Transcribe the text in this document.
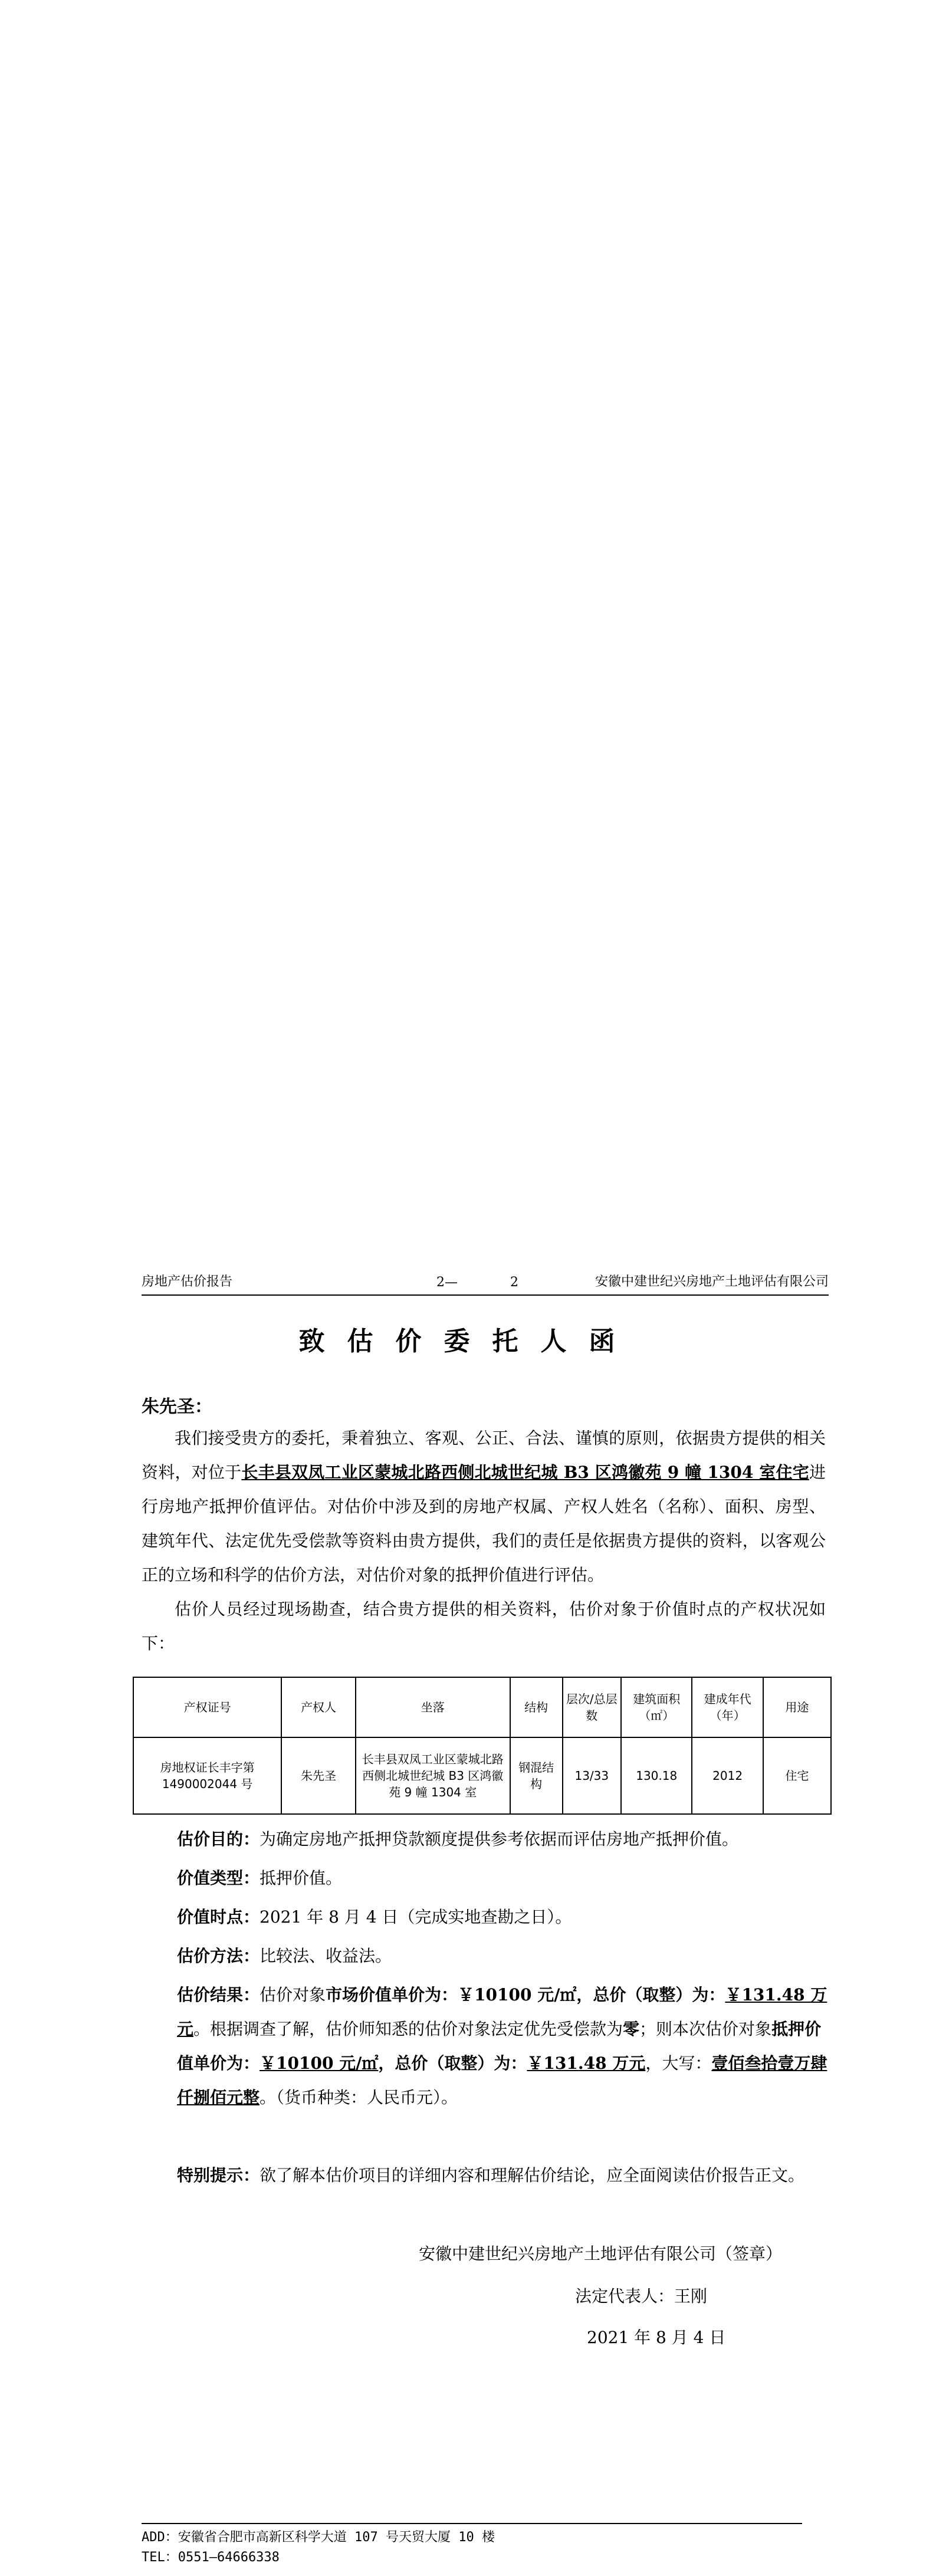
房地产估价报告	2—	2	安徽中建世纪兴房地产土地评估有限公司
致估价委托人函
朱先圣：
我们接受贵方的委托，秉着独立、客观、公正、合法、谨慎的原则，依据贵方提供的相关资料，对位于长丰县双凤工业区蒙城北路西侧北城世纪城 B3 区鸿徽苑 9 幢 1304 室住宅进行房地产抵押价值评估。对估价中涉及到的房地产权属、产权人姓名（名称）、面积、房型、建筑年代、法定优先受偿款等资料由贵方提供，我们的责任是依据贵方提供的资料，以客观公正的立场和科学的估价方法，对估价对象的抵押价值进行评估。
估价人员经过现场勘查，结合贵方提供的相关资料，估价对象于价值时点的产权状况如下：
产权证号	产权人	坐落	结构	层次/总层数	建筑面积（㎡）	建成年代（年）	用途
房地权证长丰字第 1490002044 号	朱先圣	长丰县双凤工业区蒙城北路西侧北城世纪城 B3 区鸿徽苑 9 幢 1304 室	钢混结构	13/33	130.18	2012	住宅
估价目的：为确定房地产抵押贷款额度提供参考依据而评估房地产抵押价值。
价值类型：抵押价值。
价值时点：2021 年 8 月 4 日（完成实地查勘之日）。
估价方法：比较法、收益法。
估价结果：估价对象市场价值单价为：￥10100 元/㎡，总价（取整）为：￥131.48 万元。根据调查了解，估价师知悉的估价对象法定优先受偿款为零；则本次估价对象抵押价值单价为：￥10100 元/㎡，总价（取整）为：￥131.48 万元，大写：壹佰叁拾壹万肆仟捌佰元整。（货币种类：人民币元）。
特别提示：欲了解本估价项目的详细内容和理解估价结论，应全面阅读估价报告正文。
安徽中建世纪兴房地产土地评估有限公司（签章）
法定代表人：王刚
2021 年 8 月 4 日
ADD：安徽省合肥市高新区科学大道 107 号天贸大厦 10 楼
TEL：0551—64666338
